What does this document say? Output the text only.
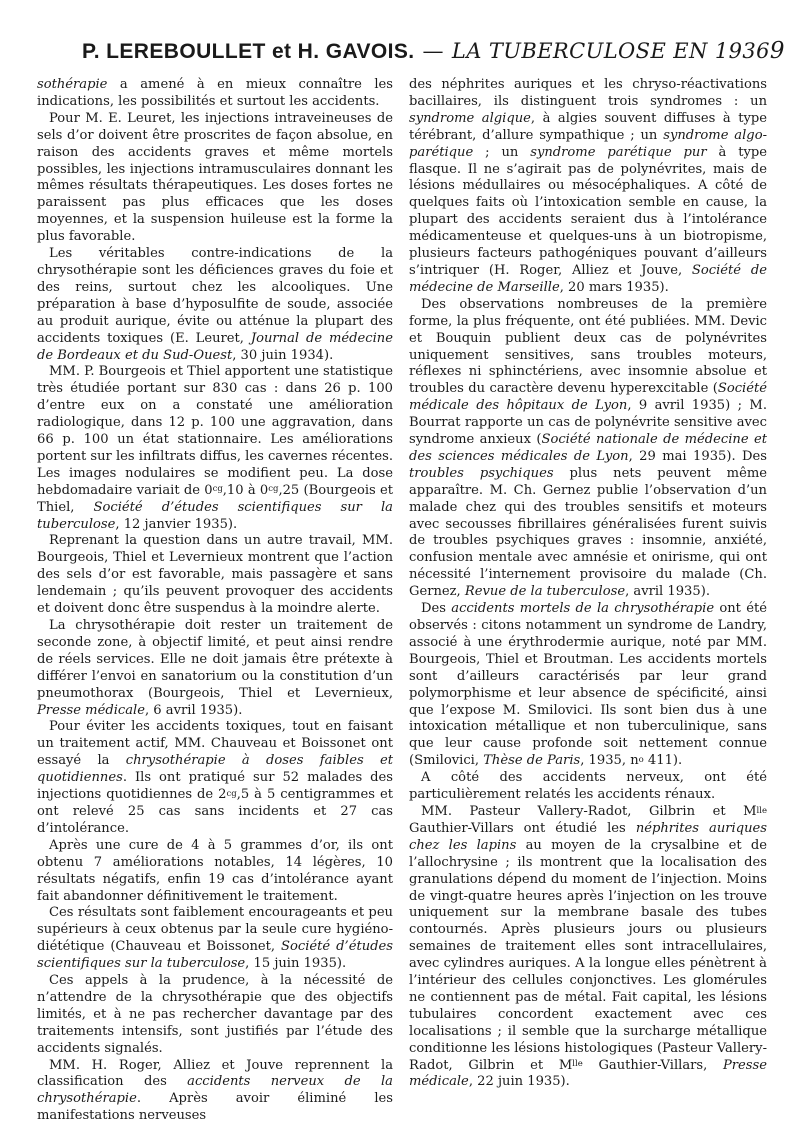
P. LEREBOULLET et H. GAVOIS. — LA TUBERCULOSE EN 1936 9

sothérapie a amené à en mieux connaître les indications, les possibilités et surtout les accidents.

Pour M. E. Leuret, les injections intraveineuses de sels d’or doivent être proscrites de façon absolue, en raison des accidents graves et même mortels possibles, les injections intramusculaires donnant les mêmes résultats thérapeutiques. Les doses fortes ne paraissent pas plus efficaces que les doses moyennes, et la suspension huileuse est la forme la plus favorable.

Les véritables contre-indications de la chrysothérapie sont les déficiences graves du foie et des reins, surtout chez les alcooliques. Une préparation à base d’hyposulfite de soude, associée au produit aurique, évite ou atténue la plupart des accidents toxiques (E. Leuret, Journal de médecine de Bordeaux et du Sud-Ouest, 30 juin 1934).

MM. P. Bourgeois et Thiel apportent une statistique très étudiée portant sur 830 cas : dans 26 p. 100 d’entre eux on a constaté une amélioration radiologique, dans 12 p. 100 une aggravation, dans 66 p. 100 un état stationnaire. Les améliorations portent sur les infiltrats diffus, les cavernes récentes. Les images nodulaires se modifient peu. La dose hebdomadaire variait de $0^{cg},10$ à $0^{cg},25$ (Bourgeois et Thiel, Société d’études scientifiques sur la tuberculose, 12 janvier 1935).

Reprenant la question dans un autre travail, MM. Bourgeois, Thiel et Levernieux montrent que l’action des sels d’or est favorable, mais passagère et sans lendemain ; qu’ils peuvent provoquer des accidents et doivent donc être suspendus à la moindre alerte.

La chrysothérapie doit rester un traitement de seconde zone, à objectif limité, et peut ainsi rendre de réels services. Elle ne doit jamais être prétexte à différer l’envoi en sanatorium ou la constitution d’un pneumothorax (Bourgeois, Thiel et Levernieux, Presse médicale, 6 avril 1935).

Pour éviter les accidents toxiques, tout en faisant un traitement actif, MM. Chauveau et Boissonet ont essayé la chrysothérapie à doses faibles et quotidiennes. Ils ont pratiqué sur 52 malades des injections quotidiennes de $2^{cg},5$ à 5 centigrammes et ont relevé 25 cas sans incidents et 27 cas d’intolérance.

Après une cure de 4 à 5 grammes d’or, ils ont obtenu 7 améliorations notables, 14 légères, 10 résultats négatifs, enfin 19 cas d’intolérance ayant fait abandonner définitivement le traitement.

Ces résultats sont faiblement encourageants et peu supérieurs à ceux obtenus par la seule cure hygiéno-diététique (Chauveau et Boissonet, Société d’études scientifiques sur la tuberculose, 15 juin 1935).

Ces appels à la prudence, à la nécessité de n’attendre de la chrysothérapie que des objectifs limités, et à ne pas rechercher davantage par des traitements intensifs, sont justifiés par l’étude des accidents signalés.

MM. H. Roger, Alliez et Jouve reprennent la classification des accidents nerveux de la chrysothérapie. Après avoir éliminé les manifestations nerveuses

des néphrites auriques et les chryso-réactivations bacillaires, ils distinguent trois syndromes : un syndrome algique, à algies souvent diffuses à type térébrant, d’allure sympathique ; un syndrome algo-parétique ; un syndrome parétique pur à type flasque. Il ne s’agirait pas de polynévrites, mais de lésions médullaires ou mésocéphaliques. A côté de quelques faits où l’intoxication semble en cause, la plupart des accidents seraient dus à l’intolérance médicamenteuse et quelques-uns à un biotropisme, plusieurs facteurs pathogéniques pouvant d’ailleurs s’intriquer (H. Roger, Alliez et Jouve, Société de médecine de Marseille, 20 mars 1935).

Des observations nombreuses de la première forme, la plus fréquente, ont été publiées. MM. Devic et Bouquin publient deux cas de polynévrites uniquement sensitives, sans troubles moteurs, réflexes ni sphinctériens, avec insomnie absolue et troubles du caractère devenu hyperexcitable (Société médicale des hôpitaux de Lyon, 9 avril 1935) ; M. Bourrat rapporte un cas de polynévrite sensitive avec syndrome anxieux (Société nationale de médecine et des sciences médicales de Lyon, 29 mai 1935). Des troubles psychiques plus nets peuvent même apparaître. M. Ch. Gernez publie l’observation d’un malade chez qui des troubles sensitifs et moteurs avec secousses fibrillaires généralisées furent suivis de troubles psychiques graves : insomnie, anxiété, confusion mentale avec amnésie et onirisme, qui ont nécessité l’internement provisoire du malade (Ch. Gernez, Revue de la tuberculose, avril 1935).

Des accidents mortels de la chrysothérapie ont été observés : citons notamment un syndrome de Landry, associé à une érythrodermie aurique, noté par MM. Bourgeois, Thiel et Broutman. Les accidents mortels sont d’ailleurs caractérisés par leur grand polymorphisme et leur absence de spécificité, ainsi que l’expose M. Smilovici. Ils sont bien dus à une intoxication métallique et non tuberculinique, sans que leur cause profonde soit nettement connue (Smilovici, Thèse de Paris, 1935, $n^o$ 411).

A côté des accidents nerveux, ont été particulièrement relatés les accidents rénaux.

MM. Pasteur Vallery-Radot, Gilbrin et $M^{lle}$ Gauthier-Villars ont étudié les néphrites auriques chez les lapins au moyen de la crysalbine et de l’allochrysine ; ils montrent que la localisation des granulations dépend du moment de l’injection. Moins de vingt-quatre heures après l’injection on les trouve uniquement sur la membrane basale des tubes contournés. Après plusieurs jours ou plusieurs semaines de traitement elles sont intracellulaires, avec cylindres auriques. A la longue elles pénètrent à l’intérieur des cellules conjonctives. Les glomérules ne contiennent pas de métal. Fait capital, les lésions tubulaires concordent exactement avec ces localisations ; il semble que la surcharge métallique conditionne les lésions histologiques (Pasteur Vallery-Radot, Gilbrin et $M^{lle}$ Gauthier-Villars, Presse médicale, 22 juin 1935).
